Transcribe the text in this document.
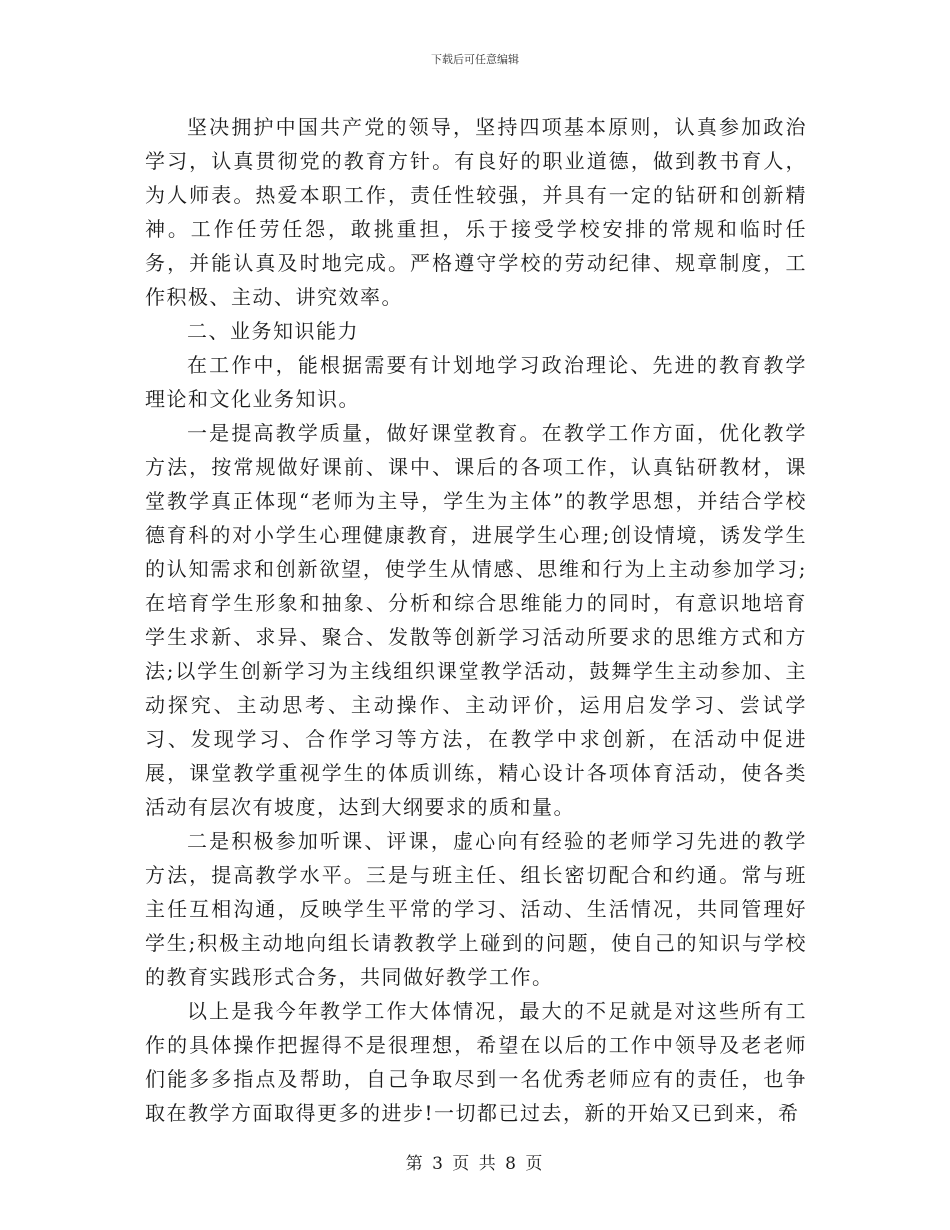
下载后可任意编辑

坚决拥护中国共产党的领导，坚持四项基本原则，认真参加政治学习，认真贯彻党的教育方针。有良好的职业道德，做到教书育人，为人师表。热爱本职工作，责任性较强，并具有一定的钻研和创新精神。工作任劳任怨，敢挑重担，乐于接受学校安排的常规和临时任务，并能认真及时地完成。严格遵守学校的劳动纪律、规章制度，工作积极、主动、讲究效率。

二、业务知识能力

在工作中，能根据需要有计划地学习政治理论、先进的教育教学理论和文化业务知识。

一是提高教学质量，做好课堂教育。在教学工作方面，优化教学方法，按常规做好课前、课中、课后的各项工作，认真钻研教材，课堂教学真正体现“老师为主导，学生为主体”的教学思想，并结合学校德育科的对小学生心理健康教育，进展学生心理;创设情境，诱发学生的认知需求和创新欲望，使学生从情感、思维和行为上主动参加学习;在培育学生形象和抽象、分析和综合思维能力的同时，有意识地培育学生求新、求异、聚合、发散等创新学习活动所要求的思维方式和方法;以学生创新学习为主线组织课堂教学活动，鼓舞学生主动参加、主动探究、主动思考、主动操作、主动评价，运用启发学习、尝试学习、发现学习、合作学习等方法，在教学中求创新，在活动中促进展，课堂教学重视学生的体质训练，精心设计各项体育活动，使各类活动有层次有坡度，达到大纲要求的质和量。

二是积极参加听课、评课，虚心向有经验的老师学习先进的教学方法，提高教学水平。三是与班主任、组长密切配合和约通。常与班主任互相沟通，反映学生平常的学习、活动、生活情况，共同管理好学生;积极主动地向组长请教教学上碰到的问题，使自己的知识与学校的教育实践形式合务，共同做好教学工作。

以上是我今年教学工作大体情况，最大的不足就是对这些所有工作的具体操作把握得不是很理想，希望在以后的工作中领导及老老师们能多多指点及帮助，自己争取尽到一名优秀老师应有的责任，也争取在教学方面取得更多的进步!一切都已过去，新的开始又已到来，希

第 3 页 共 8 页
